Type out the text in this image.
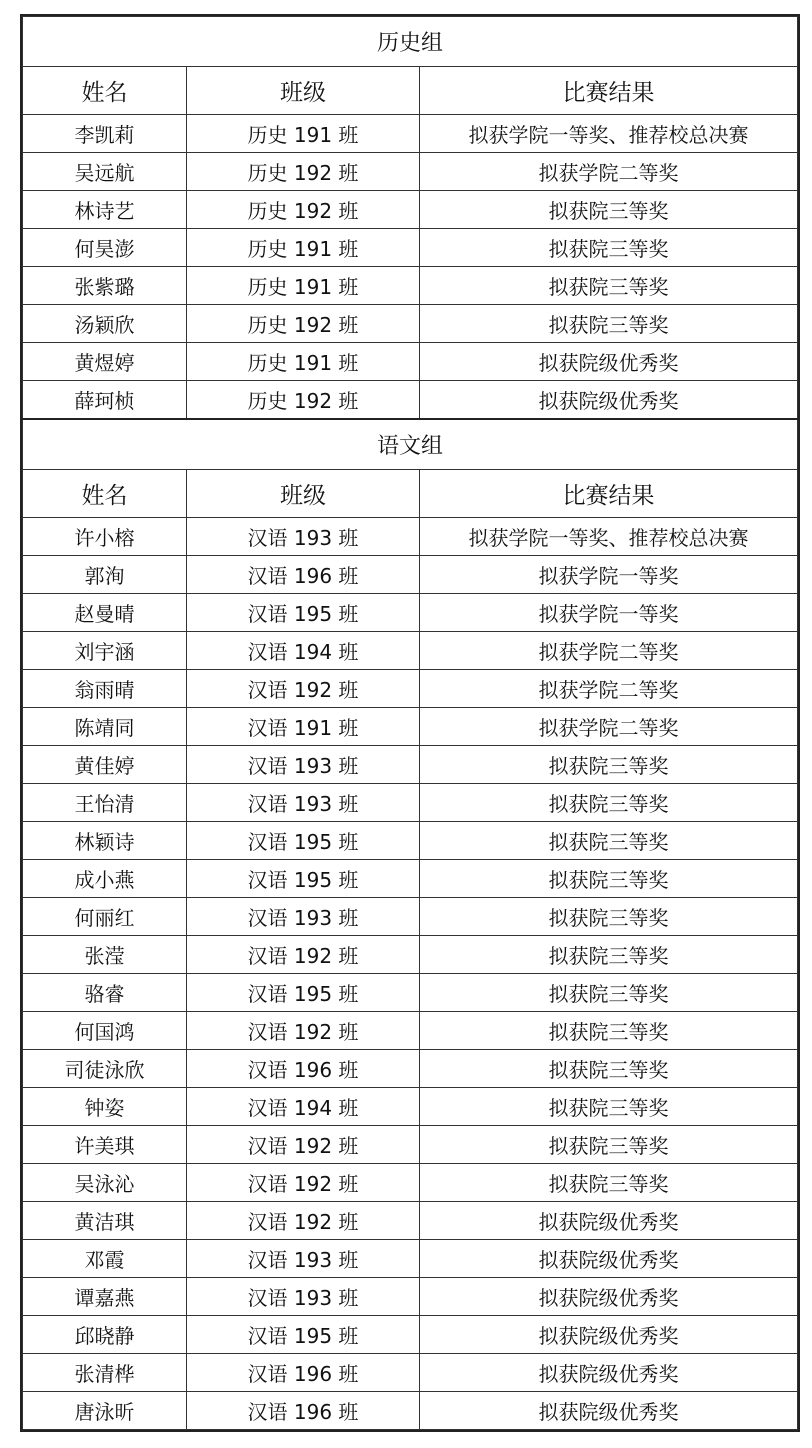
历史组		
姓名	班级	比赛结果
李凯莉	历史 191 班	拟获学院一等奖、推荐校总决赛
吴远航	历史 192 班	拟获学院二等奖
林诗艺	历史 192 班	拟获院三等奖
何昊澎	历史 191 班	拟获院三等奖
张紫璐	历史 191 班	拟获院三等奖
汤颖欣	历史 192 班	拟获院三等奖
黄煜婷	历史 191 班	拟获院级优秀奖
薛珂桢	历史 192 班	拟获院级优秀奖
语文组		
姓名	班级	比赛结果
许小榕	汉语 193 班	拟获学院一等奖、推荐校总决赛
郭洵	汉语 196 班	拟获学院一等奖
赵曼晴	汉语 195 班	拟获学院一等奖
刘宇涵	汉语 194 班	拟获学院二等奖
翁雨晴	汉语 192 班	拟获学院二等奖
陈靖同	汉语 191 班	拟获学院二等奖
黄佳婷	汉语 193 班	拟获院三等奖
王怡清	汉语 193 班	拟获院三等奖
林颖诗	汉语 195 班	拟获院三等奖
成小燕	汉语 195 班	拟获院三等奖
何丽红	汉语 193 班	拟获院三等奖
张滢	汉语 192 班	拟获院三等奖
骆睿	汉语 195 班	拟获院三等奖
何国鸿	汉语 192 班	拟获院三等奖
司徒泳欣	汉语 196 班	拟获院三等奖
钟姿	汉语 194 班	拟获院三等奖
许美琪	汉语 192 班	拟获院三等奖
吴泳沁	汉语 192 班	拟获院三等奖
黄洁琪	汉语 192 班	拟获院级优秀奖
邓霞	汉语 193 班	拟获院级优秀奖
谭嘉燕	汉语 193 班	拟获院级优秀奖
邱晓静	汉语 195 班	拟获院级优秀奖
张清桦	汉语 196 班	拟获院级优秀奖
唐泳昕	汉语 196 班	拟获院级优秀奖
